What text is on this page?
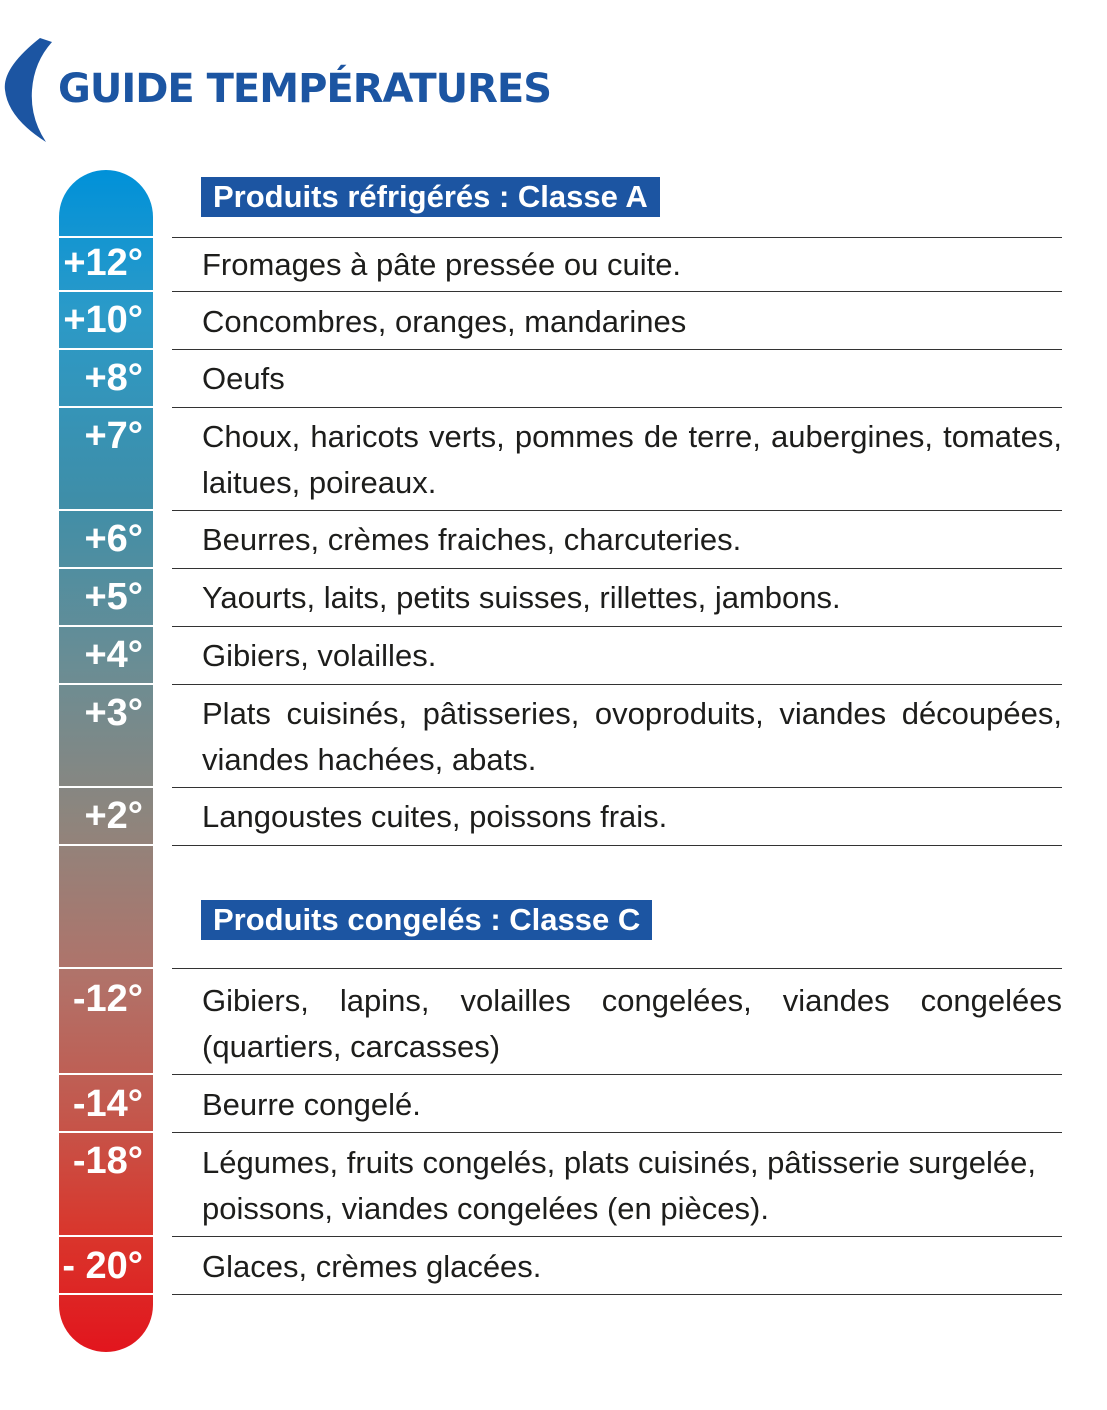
GUIDE TEMPÉRATURES
Produits réfrigérés : Classe A
+12° Fromages à pâte pressée ou cuite.
+10° Concombres, oranges, mandarines
+8° Oeufs
+7° Choux, haricots verts, pommes de terre, aubergines, tomates, laitues, poireaux.
+6° Beurres, crèmes fraiches, charcuteries.
+5° Yaourts, laits, petits suisses, rillettes, jambons.
+4° Gibiers, volailles.
+3° Plats cuisinés, pâtisseries, ovoproduits, viandes découpées, viandes hachées, abats.
+2° Langoustes cuites, poissons frais.
Produits congelés : Classe C
-12° Gibiers, lapins, volailles congelées, viandes congelées (quartiers, carcasses)
-14° Beurre congelé.
-18° Légumes, fruits congelés, plats cuisinés, pâtisserie surgelée, poissons, viandes congelées (en pièces).
- 20° Glaces, crèmes glacées.
